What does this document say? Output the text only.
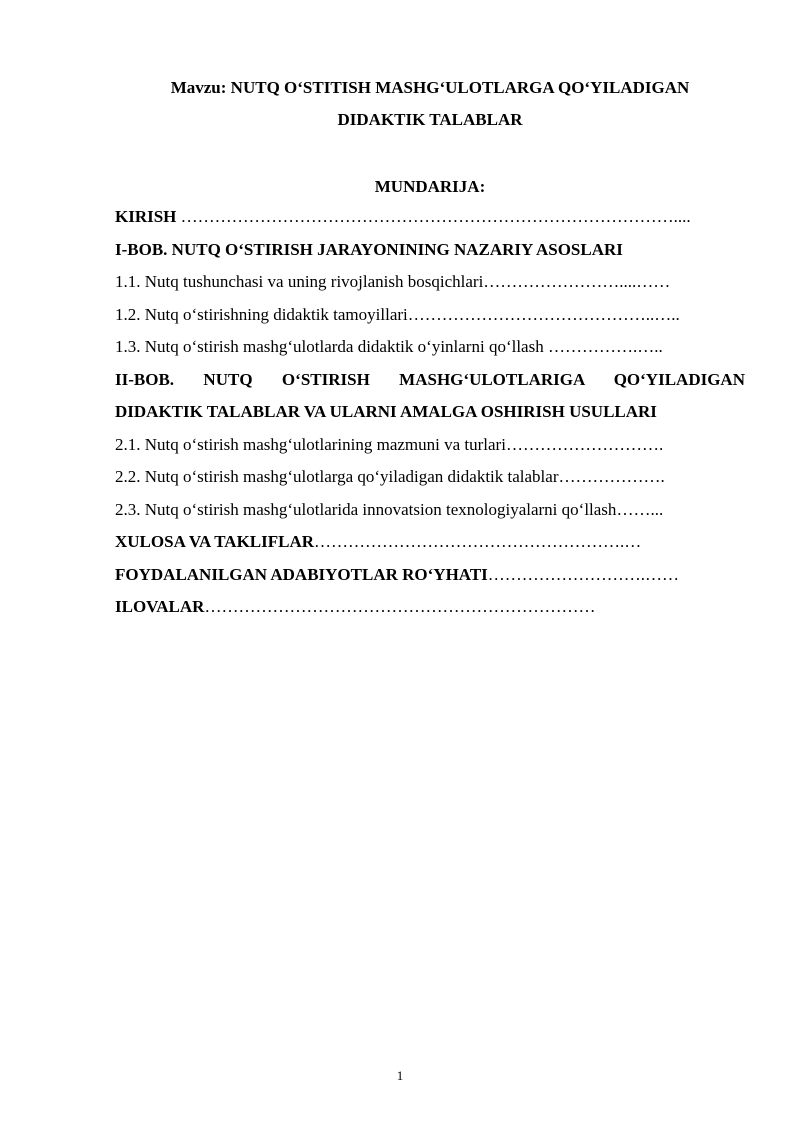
Mavzu: NUTQ O‘STITISH MASHG‘ULOTLARGA QO‘YILADIGAN
DIDAKTIK TALABLAR
MUNDARIJA:
KIRISH ……………………………………………………………………………....
I-BOB. NUTQ O‘STIRISH JARAYONINING NAZARIY ASOSLARI
1.1. Nutq tushunchasi va uning rivojlanish bosqichlari……………………....……
1.2. Nutq o‘stirishning didaktik tamoyillari……………………………………..…..
1.3. Nutq o‘stirish mashg‘ulotlarda didaktik o‘yinlarni qo‘llash …………….…..
II-BOB. NUTQ O‘STIRISH MASHG‘ULOTLARIGA QO‘YILADIGAN
DIDAKTIK TALABLAR VA ULARNI AMALGA OSHIRISH USULLARI
2.1. Nutq o‘stirish mashg‘ulotlarining mazmuni va turlari……………………….
2.2. Nutq o‘stirish mashg‘ulotlarga qo‘yiladigan didaktik talablar……………….
2.3. Nutq o‘stirish mashg‘ulotlarida innovatsion texnologiyalarni qo‘llash……...
XULOSA VA TAKLIFLAR……………………………………………….…
FOYDALANILGAN ADABIYOTLAR RO‘YHATI……………………….……
ILOVALAR……………………………………………………………
1
